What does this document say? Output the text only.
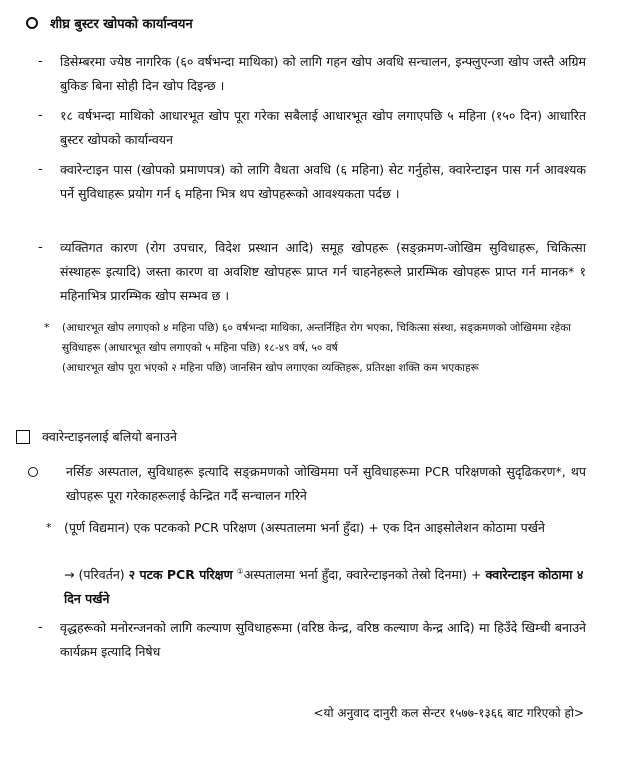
शीघ्र बुस्टर खोपको कार्यान्वयन
-	डिसेम्बरमा ज्येष्ठ नागरिक (६० वर्षभन्दा माथिका) को लागि गहन खोप अवधि सन्चालन, इन्फ्लुएन्जा खोप जस्तै अग्रिम बुकिङ बिना सोही दिन खोप दिइन्छ ।
-	१८ वर्षभन्दा माथिको आधारभूत खोप पूरा गरेका सबैलाई आधारभूत खोप लगाएपछि ५ महिना (१५० दिन) आधारित बुस्टर खोपको कार्यान्वयन
-	क्वारेन्टाइन पास (खोपको प्रमाणपत्र) को लागि वैधता अवधि (६ महिना) सेट गर्नुहोस, क्वारेन्टाइन पास गर्न आवश्यक पर्ने सुविधाहरू प्रयोग गर्न ६ महिना भित्र थप खोपहरूको आवश्यकता पर्दछ ।
-	व्यक्तिगत कारण (रोग उपचार, विदेश प्रस्थान आदि) समूह खोपहरू (सङ्क्रमण-जोखिम सुविधाहरू, चिकित्सा संस्थाहरू इत्यादि) जस्ता कारण वा अवशिष्ट खोपहरू प्राप्त गर्न चाहनेहरूले प्रारम्भिक खोपहरू प्राप्त गर्न मानक* १ महिनाभित्र प्रारम्भिक खोप सम्भव छ ।
*	(आधारभूत खोप लगाएको ४ महिना पछि) ६० वर्षभन्दा माथिका, अन्तर्निहित रोग भएका, चिकित्सा संस्था, सङ्क्रमणको जोखिममा रहेका सुविधाहरू (आधारभूत खोप लगाएको ५ महिना पछि) १८-४९ वर्ष, ५० वर्ष
(आधारभूत खोप पूरा भएको २ महिना पछि) जानसिन खोप लगाएका व्यक्तिहरू, प्रतिरक्षा शक्ति कम भएकाहरू
क्वारेन्टाइनलाई बलियो बनाउने
नर्सिङ अस्पताल, सुविधाहरू इत्यादि सङ्क्रमणको जोखिममा पर्ने सुविधाहरूमा PCR परिक्षणको सुदृढिकरण*, थप खोपहरू पूरा गरेकाहरूलाई केन्द्रित गर्दै सन्चालन गरिने
*	(पूर्ण विद्यमान) एक पटकको PCR परिक्षण (अस्पतालमा भर्ना हुँदा) + एक दिन आइसोलेशन कोठामा पर्खने
→ (परिवर्तन) २ पटक PCR परिक्षण ①अस्पतालमा भर्ना हुँदा, क्वारेन्टाइनको तेस्रो दिनमा) + क्वारेन्टाइन कोठामा ४ दिन पर्खने
-	वृद्धहरूको मनोरन्जनको लागि कल्याण सुविधाहरूमा (वरिष्ठ केन्द्र, वरिष्ठ कल्याण केन्द्र आदि) मा हिउँदे खिम्ची बनाउने कार्यक्रम इत्यादि निषेध
<यो अनुवाद दानुरी कल सेन्टर १५७७-१३६६ बाट गरिएको हो>
